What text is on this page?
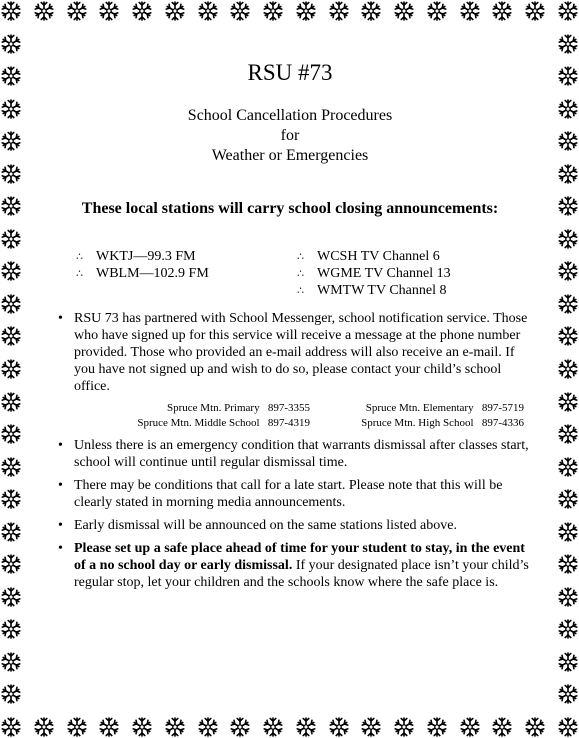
RSU #73
School Cancellation Procedures
for
Weather or Emergencies
These local stations will carry school closing announcements:
∴ WKTJ—99.3 FM
∴ WBLM—102.9 FM
∴ WCSH TV Channel 6
∴ WGME TV Channel 13
∴ WMTW TV Channel 8
• RSU 73 has partnered with School Messenger, school notification service. Those who have signed up for this service will receive a message at the phone number provided. Those who provided an e-mail address will also receive an e-mail. If you have not signed up and wish to do so, please contact your child’s school office.
Spruce Mtn. Primary 897-3355	Spruce Mtn. Elementary 897-5719
Spruce Mtn. Middle School 897-4319	Spruce Mtn. High School 897-4336
• Unless there is an emergency condition that warrants dismissal after classes start, school will continue until regular dismissal time.
• There may be conditions that call for a late start. Please note that this will be clearly stated in morning media announcements.
• Early dismissal will be announced on the same stations listed above.
• Please set up a safe place ahead of time for your student to stay, in the event of a no school day or early dismissal. If your designated place isn’t your child’s regular stop, let your children and the schools know where the safe place is.
